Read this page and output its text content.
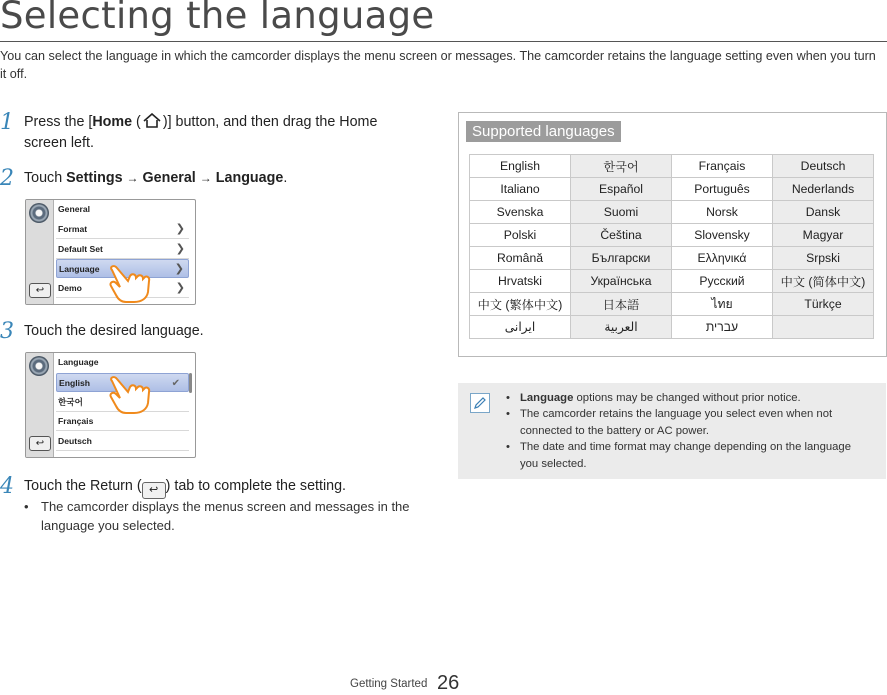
Selecting the language
You can select the language in which the camcorder displays the menu screen or messages. The camcorder retains the language setting even when you turn it off.
1 Press the [Home ( )] button, and then drag the Home screen left.
2 Touch Settings → General → Language.
↩
General
Format	❯
Default Set	❯
Language	❯
Demo	❯
3 Touch the desired language.
↩
Language
English	✔
한국어
Français
Deutsch
4 Touch the Return ( ↩ ) tab to complete the setting.
• The camcorder displays the menus screen and messages in the language you selected.
Supported languages
English	한국어	Français	Deutsch
Italiano	Español	Português	Nederlands
Svenska	Suomi	Norsk	Dansk
Polski	Čeština	Slovensky	Magyar
Română	Български	Ελληνικά	Srpski
Hrvatski	Українська	Русский	中文 (简体中文)
中文 (繁体中文)	日本語	ไทย	Türkçe
ایرانی	العربية	עברית	
• Language options may be changed without prior notice.
• The camcorder retains the language you select even when not connected to the battery or AC power.
• The date and time format may change depending on the language you selected.
Getting Started 26
